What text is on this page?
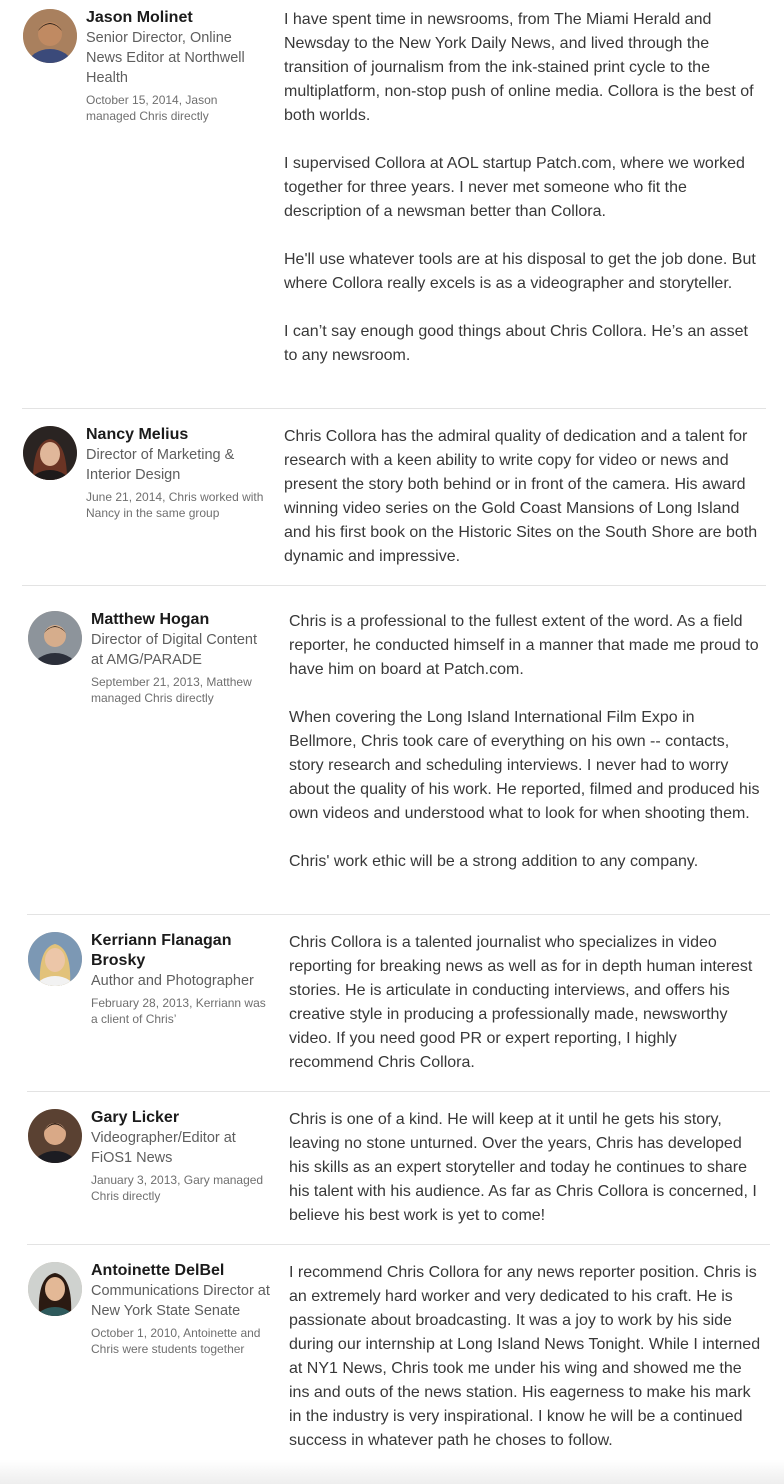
Jason Molinet
Senior Director, Online News Editor at Northwell Health
October 15, 2014, Jason managed Chris directly

I have spent time in newsrooms, from The Miami Herald and Newsday to the New York Daily News, and lived through the transition of journalism from the ink-stained print cycle to the multiplatform, non-stop push of online media. Collora is the best of both worlds.

I supervised Collora at AOL startup Patch.com, where we worked together for three years. I never met someone who fit the description of a newsman better than Collora.

He'll use whatever tools are at his disposal to get the job done. But where Collora really excels is as a videographer and storyteller.

I can’t say enough good things about Chris Collora. He’s an asset to any newsroom.

Nancy Melius
Director of Marketing & Interior Design
June 21, 2014, Chris worked with Nancy in the same group

Chris Collora has the admiral quality of dedication and a talent for research with a keen ability to write copy for video or news and present the story both behind or in front of the camera. His award winning video series on the Gold Coast Mansions of Long Island and his first book on the Historic Sites on the South Shore are both dynamic and impressive.

Matthew Hogan
Director of Digital Content at AMG/PARADE
September 21, 2013, Matthew managed Chris directly

Chris is a professional to the fullest extent of the word. As a field reporter, he conducted himself in a manner that made me proud to have him on board at Patch.com.

When covering the Long Island International Film Expo in Bellmore, Chris took care of everything on his own -- contacts, story research and scheduling interviews. I never had to worry about the quality of his work. He reported, filmed and produced his own videos and understood what to look for when shooting them.

Chris' work ethic will be a strong addition to any company.

Kerriann Flanagan Brosky
Author and Photographer
February 28, 2013, Kerriann was a client of Chris’

Chris Collora is a talented journalist who specializes in video reporting for breaking news as well as for in depth human interest stories. He is articulate in conducting interviews, and offers his creative style in producing a professionally made, newsworthy video. If you need good PR or expert reporting, I highly recommend Chris Collora.

Gary Licker
Videographer/Editor at FiOS1 News
January 3, 2013, Gary managed Chris directly

Chris is one of a kind. He will keep at it until he gets his story, leaving no stone unturned. Over the years, Chris has developed his skills as an expert storyteller and today he continues to share his talent with his audience. As far as Chris Collora is concerned, I believe his best work is yet to come!

Antoinette DelBel
Communications Director at New York State Senate
October 1, 2010, Antoinette and Chris were students together

I recommend Chris Collora for any news reporter position. Chris is an extremely hard worker and very dedicated to his craft. He is passionate about broadcasting. It was a joy to work by his side during our internship at Long Island News Tonight. While I interned at NY1 News, Chris took me under his wing and showed me the ins and outs of the news station. His eagerness to make his mark in the industry is very inspirational. I know he will be a continued success in whatever path he choses to follow.
